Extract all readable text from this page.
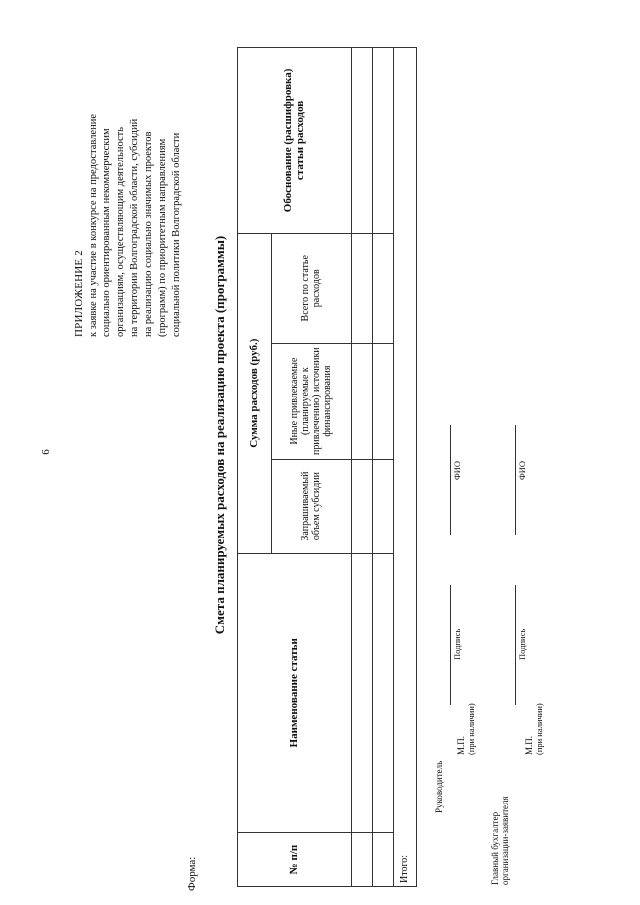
6
ПРИЛОЖЕНИЕ 2 к заявке на участие в конкурсе на предоставление социально ориентированным некоммерческим организациям, осуществляющим деятельность на территории Волгоградской области, субсидий на реализацию социально значимых проектов (программ) по приоритетным направлениям социальной политики Волгоградской области
Форма:
Смета планируемых расходов на реализацию проекта (программы)
№ п/п	Наименование статьи	Сумма расходов (руб.)			Обоснование (расшифровка) статьи расходов
		Запрашиваемый объем субсидии	Иные привлекаемые (планируемые к привлечению) источники финансирования	Всего по статье расходов	

Итого:					
Руководитель
М.П. (при наличии)
Подпись
ФИО
Главный бухгалтер организации-заявителя
М.П. (при наличии)
Подпись
ФИО
